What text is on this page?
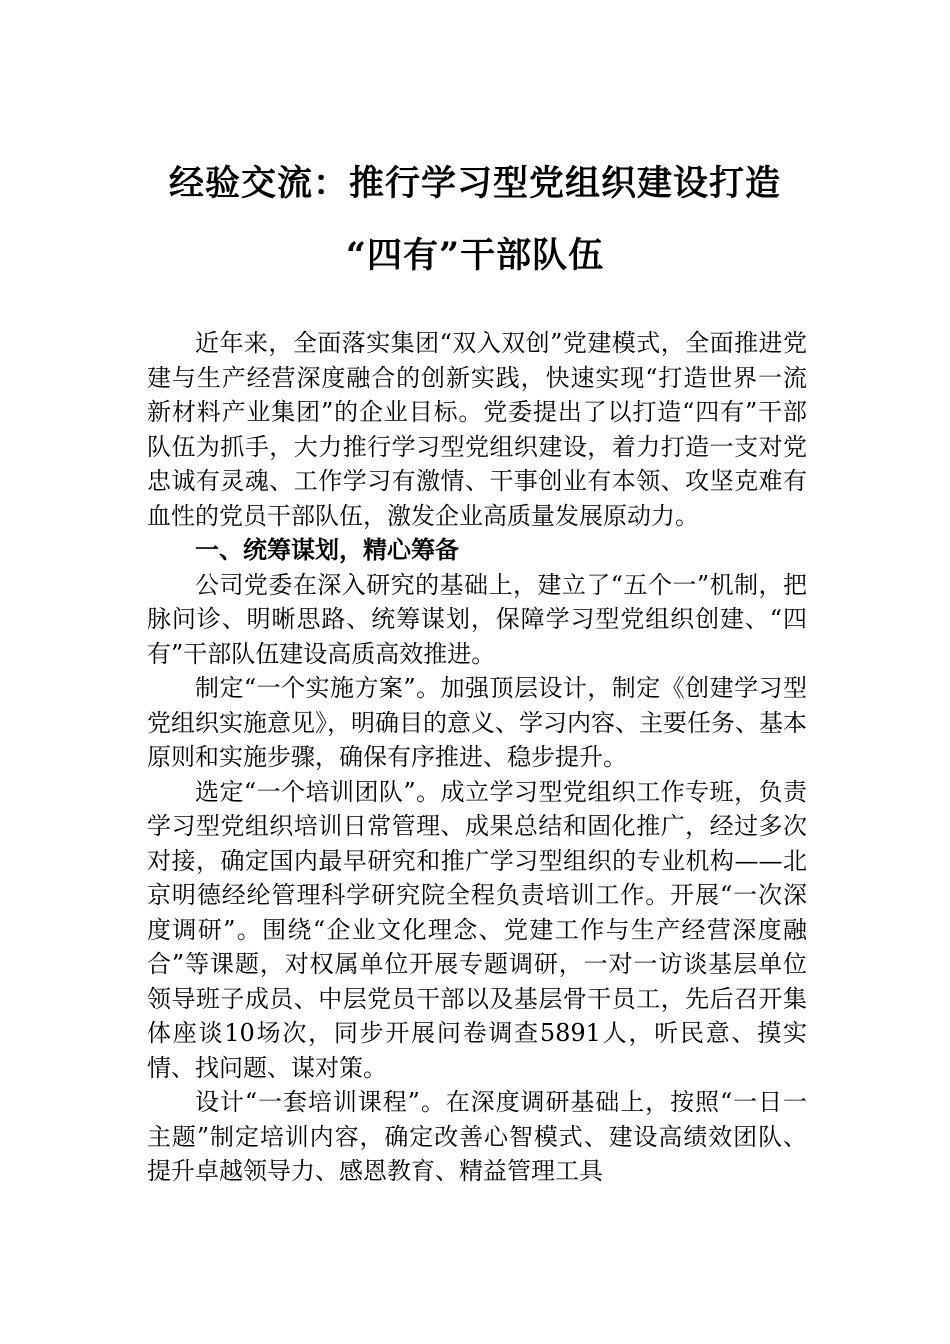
经验交流：推行学习型党组织建设打造
“四有”干部队伍

近年来，全面落实集团“双入双创”党建模式，全面推进党建与生产经营深度融合的创新实践，快速实现“打造世界一流新材料产业集团”的企业目标。党委提出了以打造“四有”干部队伍为抓手，大力推行学习型党组织建设，着力打造一支对党忠诚有灵魂、工作学习有激情、干事创业有本领、攻坚克难有血性的党员干部队伍，激发企业高质量发展原动力。

一、统筹谋划，精心筹备

公司党委在深入研究的基础上，建立了“五个一”机制，把脉问诊、明晰思路、统筹谋划，保障学习型党组织创建、“四有”干部队伍建设高质高效推进。

制定“一个实施方案”。加强顶层设计，制定《创建学习型党组织实施意见》，明确目的意义、学习内容、主要任务、基本原则和实施步骤，确保有序推进、稳步提升。

选定“一个培训团队”。成立学习型党组织工作专班，负责学习型党组织培训日常管理、成果总结和固化推广，经过多次对接，确定国内最早研究和推广学习型组织的专业机构——北京明德经纶管理科学研究院全程负责培训工作。开展“一次深度调研”。围绕“企业文化理念、党建工作与生产经营深度融合”等课题，对权属单位开展专题调研，一对一访谈基层单位领导班子成员、中层党员干部以及基层骨干员工，先后召开集体座谈10场次，同步开展问卷调查5891人，听民意、摸实情、找问题、谋对策。

设计“一套培训课程”。在深度调研基础上，按照“一日一主题”制定培训内容，确定改善心智模式、建设高绩效团队、提升卓越领导力、感恩教育、精益管理工具
